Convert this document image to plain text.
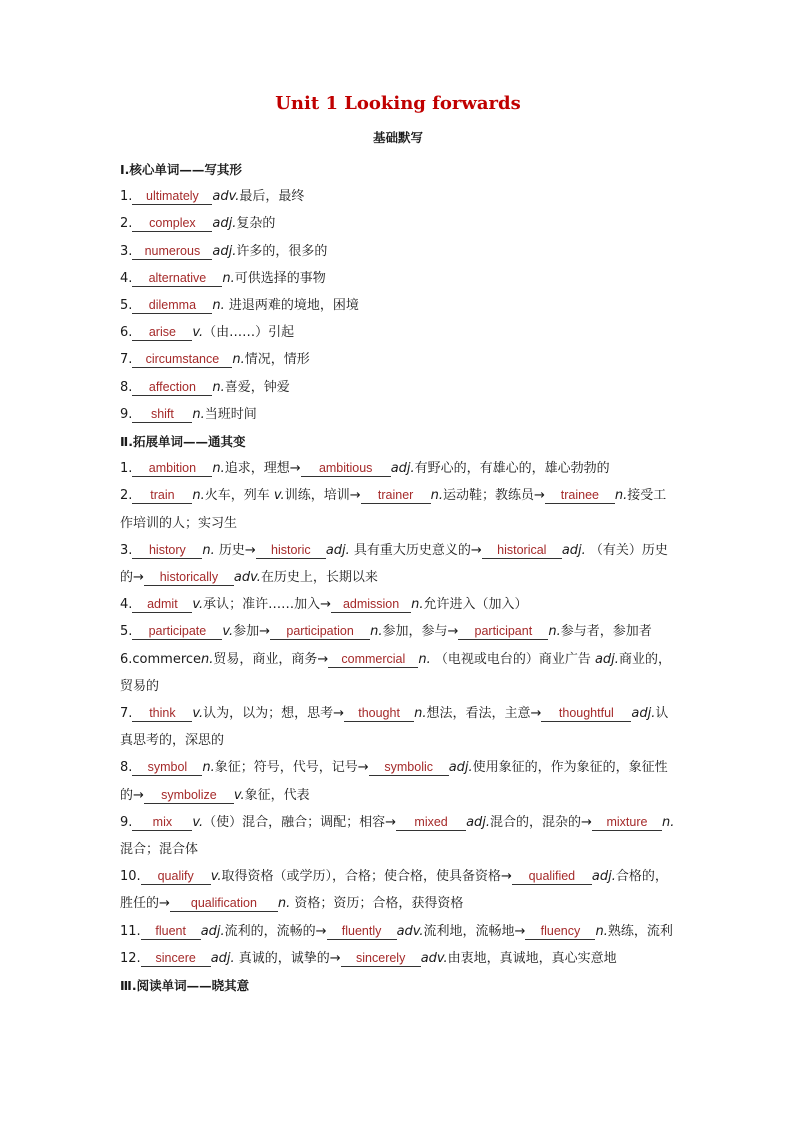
Unit 1 Looking forwards
基础默写
Ⅰ.核心单词——写其形
1. ultimately adv.最后，最终
2. complex adj.复杂的
3. numerous adj.许多的，很多的
4. alternative n.可供选择的事物
5. dilemma n. 进退两难的境地，困境
6. arise v.（由……）引起
7. circumstance n.情况，情形
8. affection n.喜爱，钟爱
9. shift n.当班时间
Ⅱ.拓展单词——通其变
1. ambition n.追求，理想→ ambitious adj.有野心的，有雄心的，雄心勃勃的
2. train n.火车，列车 v.训练，培训→ trainer n.运动鞋；教练员→ trainee n.接受工作培训的人；实习生
3. history n. 历史→ historic adj. 具有重大历史意义的→ historical adj. （有关）历史的→ historically adv.在历史上，长期以来
4. admit v.承认；准许……加入→ admission n.允许进入（加入）
5. participate v.参加→ participation n.参加，参与→ participant n.参与者，参加者
6.commercen.贸易，商业，商务→ commercial n. （电视或电台的）商业广告 adj.商业的，贸易的
7. think v.认为，以为；想，思考→ thought n.想法，看法，主意→ thoughtful adj.认真思考的，深思的
8. symbol n.象征；符号，代号，记号→ symbolic adj.使用象征的，作为象征的，象征性的→ symbolize v.象征，代表
9. mix v.（使）混合，融合；调配；相容→ mixed adj.混合的，混杂的→ mixture n.混合；混合体
10. qualify v.取得资格（或学历），合格；使合格，使具备资格→ qualified adj.合格的，胜任的→ qualification n. 资格；资历；合格，获得资格
11. fluent adj.流利的，流畅的→ fluently adv.流利地，流畅地→ fluency n.熟练，流利
12. sincere adj. 真诚的，诚挚的→ sincerely adv.由衷地，真诚地，真心实意地
Ⅲ.阅读单词——晓其意
